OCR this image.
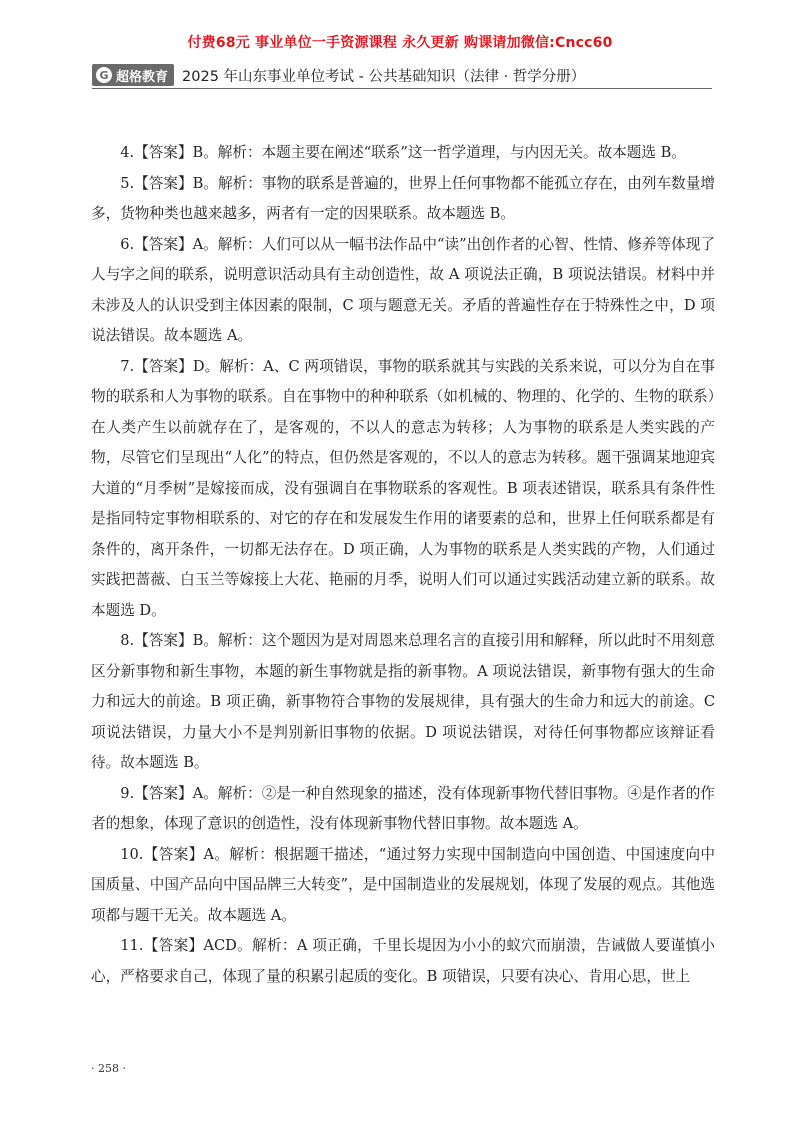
付费68元 事业单位一手资源课程 永久更新 购课请加微信:Cncc60
G 超格教育 2025 年山东事业单位考试 - 公共基础知识（法律 · 哲学分册）

4.【答案】B。解析：本题主要在阐述“联系”这一哲学道理，与内因无关。故本题选 B。

5.【答案】B。解析：事物的联系是普遍的，世界上任何事物都不能孤立存在，由列车数量增多，货物种类也越来越多，两者有一定的因果联系。故本题选 B。

6.【答案】A。解析：人们可以从一幅书法作品中“读”出创作者的心智、性情、修养等体现了人与字之间的联系，说明意识活动具有主动创造性，故 A 项说法正确，B 项说法错误。材料中并未涉及人的认识受到主体因素的限制，C 项与题意无关。矛盾的普遍性存在于特殊性之中，D 项说法错误。故本题选 A。

7.【答案】D。解析：A、C 两项错误，事物的联系就其与实践的关系来说，可以分为自在事物的联系和人为事物的联系。自在事物中的种种联系（如机械的、物理的、化学的、生物的联系）在人类产生以前就存在了，是客观的，不以人的意志为转移；人为事物的联系是人类实践的产物，尽管它们呈现出“人化”的特点，但仍然是客观的，不以人的意志为转移。题干强调某地迎宾大道的“月季树”是嫁接而成，没有强调自在事物联系的客观性。B 项表述错误，联系具有条件性是指同特定事物相联系的、对它的存在和发展发生作用的诸要素的总和，世界上任何联系都是有条件的，离开条件，一切都无法存在。D 项正确，人为事物的联系是人类实践的产物，人们通过实践把蔷薇、白玉兰等嫁接上大花、艳丽的月季，说明人们可以通过实践活动建立新的联系。故本题选 D。

8.【答案】B。解析：这个题因为是对周恩来总理名言的直接引用和解释，所以此时不用刻意区分新事物和新生事物，本题的新生事物就是指的新事物。A 项说法错误，新事物有强大的生命力和远大的前途。B 项正确，新事物符合事物的发展规律，具有强大的生命力和远大的前途。C 项说法错误，力量大小不是判别新旧事物的依据。D 项说法错误，对待任何事物都应该辩证看待。故本题选 B。

9.【答案】A。解析：②是一种自然现象的描述，没有体现新事物代替旧事物。④是作者的作者的想象，体现了意识的创造性，没有体现新事物代替旧事物。故本题选 A。

10.【答案】A。解析：根据题干描述，“通过努力实现中国制造向中国创造、中国速度向中国质量、中国产品向中国品牌三大转变”，是中国制造业的发展规划，体现了发展的观点。其他选项都与题干无关。故本题选 A。

11.【答案】ACD。解析：A 项正确，千里长堤因为小小的蚁穴而崩溃，告诫做人要谨慎小心，严格要求自己，体现了量的积累引起质的变化。B 项错误，只要有决心、肯用心思，世上

· 258 ·
